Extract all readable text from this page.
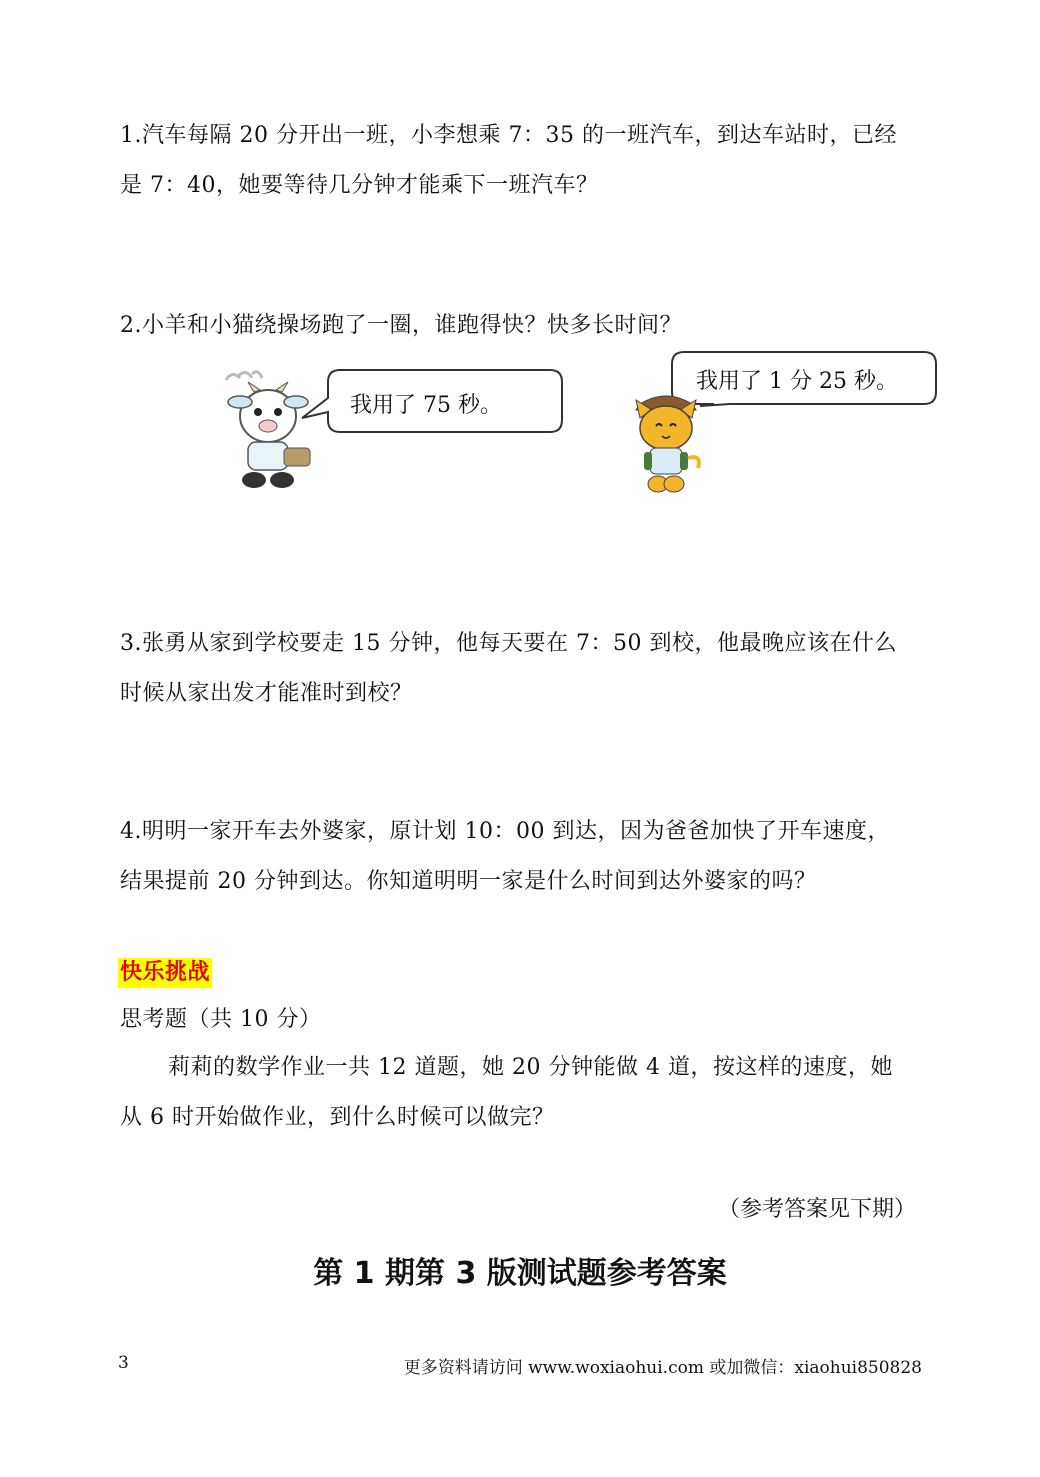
1.汽车每隔 20 分开出一班，小李想乘 7：35 的一班汽车，到达车站时，已经
是 7：40，她要等待几分钟才能乘下一班汽车？
2.小羊和小猫绕操场跑了一圈，谁跑得快？快多长时间？
我用了 75 秒。
我用了 1 分 25 秒。
3.张勇从家到学校要走 15 分钟，他每天要在 7：50 到校，他最晚应该在什么
时候从家出发才能准时到校？
4.明明一家开车去外婆家，原计划 10：00 到达，因为爸爸加快了开车速度，
结果提前 20 分钟到达。你知道明明一家是什么时间到达外婆家的吗？
快乐挑战
思考题（共 10 分）
莉莉的数学作业一共 12 道题，她 20 分钟能做 4 道，按这样的速度，她
从 6 时开始做作业，到什么时候可以做完？
（参考答案见下期）
第 1 期第 3 版测试题参考答案
3	更多资料请访问 www.woxiaohui.com 或加微信：xiaohui850828
